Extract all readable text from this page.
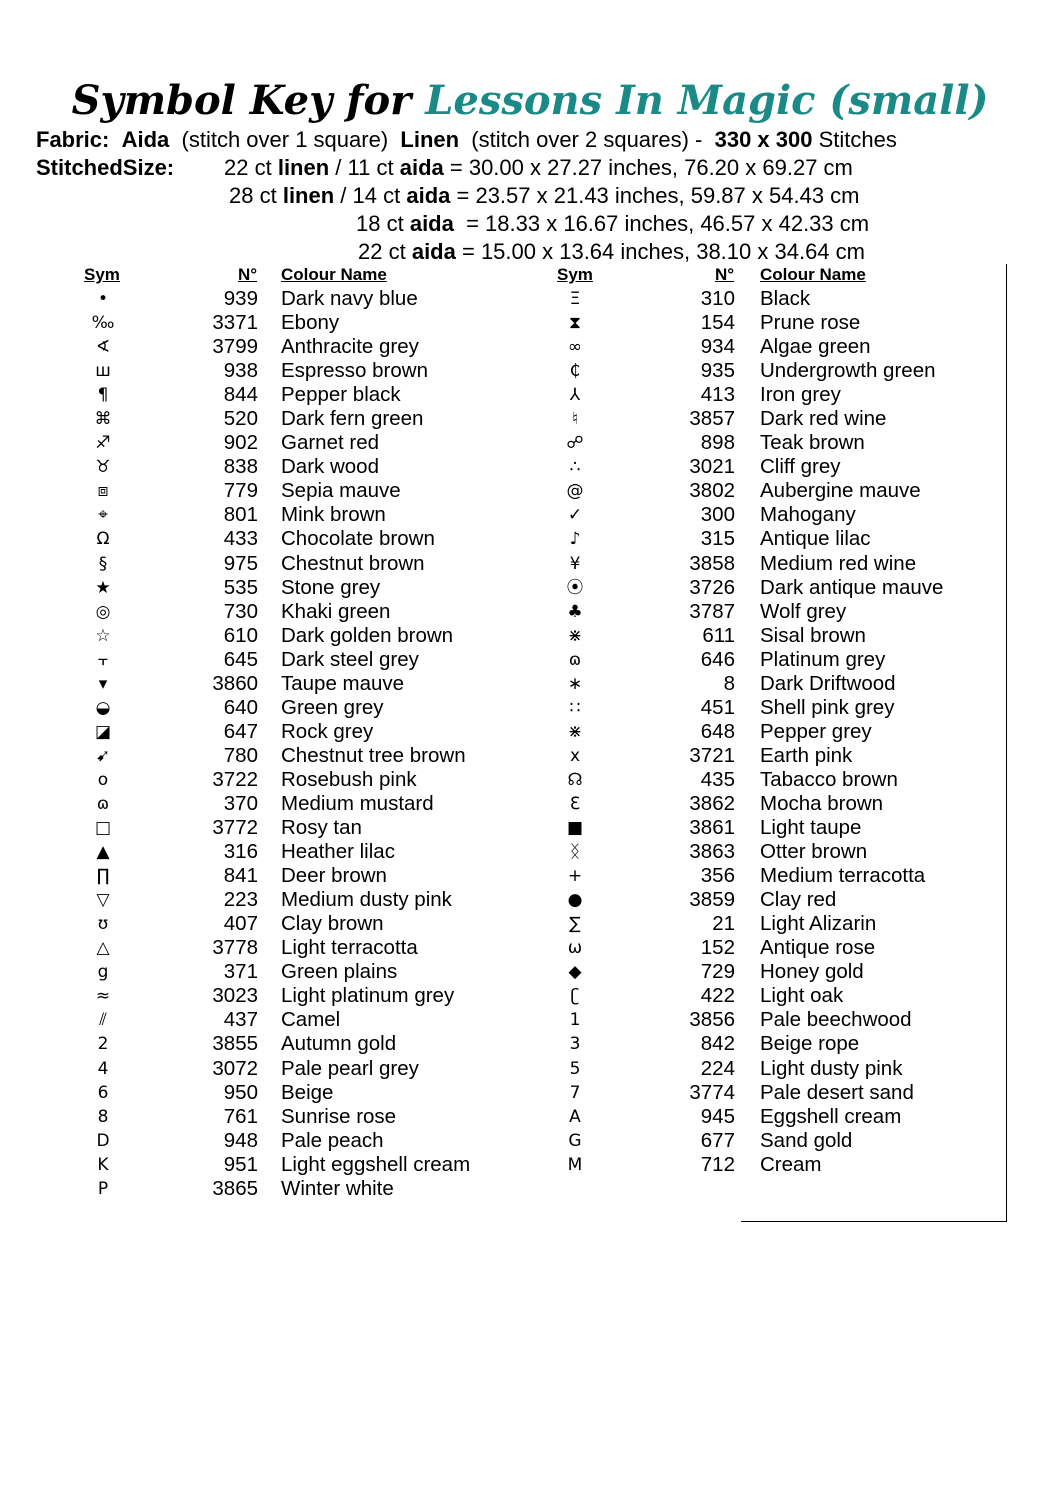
Symbol Key for Lessons In Magic (small)
Fabric: Aida (stitch over 1 square) Linen (stitch over 2 squares) - 330 x 300 Stitches
StitchedSize: 22 ct linen / 11 ct aida = 30.00 x 27.27 inches, 76.20 x 69.27 cm
28 ct linen / 14 ct aida = 23.57 x 21.43 inches, 59.87 x 54.43 cm
18 ct aida = 18.33 x 16.67 inches, 46.57 x 42.33 cm
22 ct aida = 15.00 x 13.64 inches, 38.10 x 34.64 cm
Sym	N° Colour Name	Sym	N° Colour Name
•	939 Dark navy blue
‰	3371 Ebony
∢	3799 Anthracite grey
ш	938 Espresso brown
¶	844 Pepper black
⌘	520 Dark fern green
♐	902 Garnet red
♉	838 Dark wood
⧈	779 Sepia mauve
⌖	801 Mink brown
Ω	433 Chocolate brown
§	975 Chestnut brown
★	535 Stone grey
◎	730 Khaki green
☆	610 Dark golden brown
⫟	645 Dark steel grey
▾	3860 Taupe mauve
◒	640 Green grey
◪	647 Rock grey
➹	780 Chestnut tree brown
o	3722 Rosebush pink
ɷ	370 Medium mustard
□	3772 Rosy tan
▲	316 Heather lilac
∏	841 Deer brown
▽	223 Medium dusty pink
ʊ	407 Clay brown
△	3778 Light terracotta
g	371 Green plains
≈	3023 Light platinum grey
⫽	437 Camel
2	3855 Autumn gold
4	3072 Pale pearl grey
6	950 Beige
8	761 Sunrise rose
D	948 Pale peach
K	951 Light eggshell cream
P	3865 Winter white
Ξ	310 Black
⧗	154 Prune rose
∞	934 Algae green
₵	935 Undergrowth green
⅄	413 Iron grey
♮	3857 Dark red wine
☍	898 Teak brown
∴	3021 Cliff grey
@	3802 Aubergine mauve
✓	300 Mahogany
♪	315 Antique lilac
¥	3858 Medium red wine
⦿	3726 Dark antique mauve
♣	3787 Wolf grey
⋇	611 Sisal brown
ɷ	646 Platinum grey
∗	8 Dark Driftwood
∷	451 Shell pink grey
⋇	648 Pepper grey
x	3721 Earth pink
☊	435 Tabacco brown
ℇ	3862 Mocha brown
■	3861 Light taupe
ᛝ	3863 Otter brown
+	356 Medium terracotta
●	3859 Clay red
∑	21 Light Alizarin
ω	152 Antique rose
◆	729 Honey gold
ʗ	422 Light oak
1	3856 Pale beechwood
3	842 Beige rope
5	224 Light dusty pink
7	3774 Pale desert sand
A	945 Eggshell cream
G	677 Sand gold
M	712 Cream
